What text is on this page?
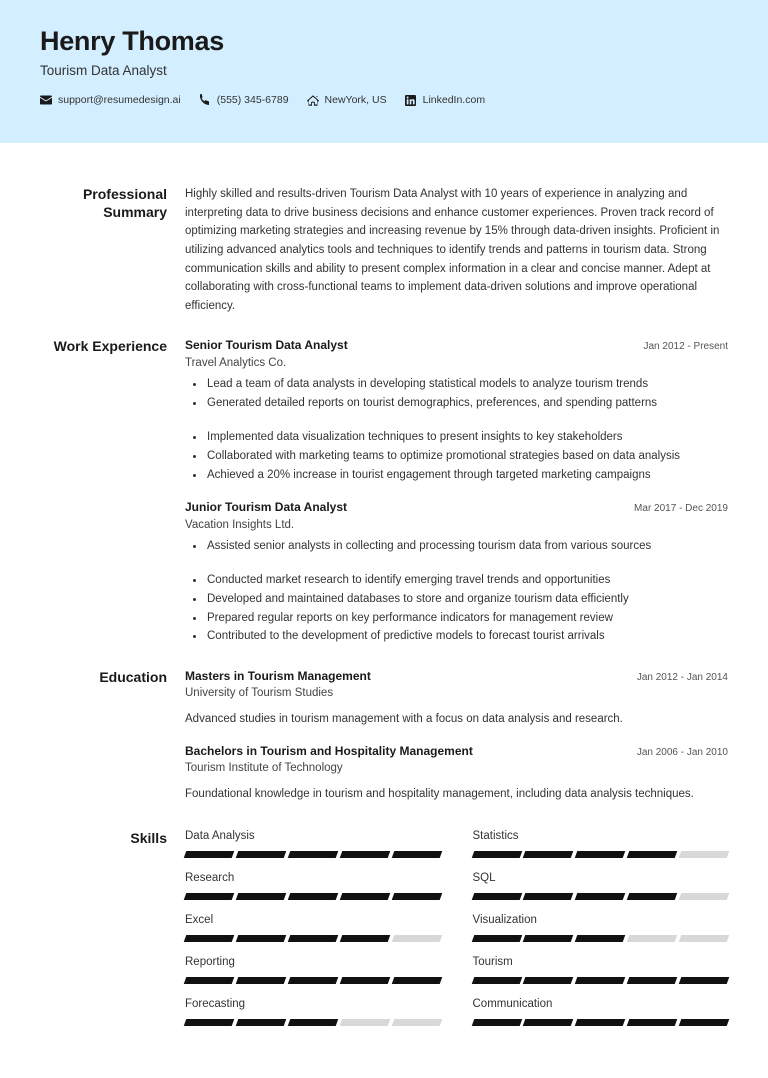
Henry Thomas
Tourism Data Analyst
support@resumedesign.ai	(555) 345-6789	NewYork, US	LinkedIn.com
Professional Summary
Highly skilled and results-driven Tourism Data Analyst with 10 years of experience in analyzing and interpreting data to drive business decisions and enhance customer experiences. Proven track record of optimizing marketing strategies and increasing revenue by 15% through data-driven insights. Proficient in utilizing advanced analytics tools and techniques to identify trends and patterns in tourism data. Strong communication skills and ability to present complex information in a clear and concise manner. Adept at collaborating with cross-functional teams to implement data-driven solutions and improve operational efficiency.
Work Experience	Senior Tourism Data Analyst	Jan 2012 - Present
Travel Analytics Co.
Lead a team of data analysts in developing statistical models to analyze tourism trends
Generated detailed reports on tourist demographics, preferences, and spending patterns
Implemented data visualization techniques to present insights to key stakeholders
Collaborated with marketing teams to optimize promotional strategies based on data analysis
Achieved a 20% increase in tourist engagement through targeted marketing campaigns
Junior Tourism Data Analyst	Mar 2017 - Dec 2019
Vacation Insights Ltd.
Assisted senior analysts in collecting and processing tourism data from various sources
Conducted market research to identify emerging travel trends and opportunities
Developed and maintained databases to store and organize tourism data efficiently
Prepared regular reports on key performance indicators for management review
Contributed to the development of predictive models to forecast tourist arrivals
Education	Masters in Tourism Management	Jan 2012 - Jan 2014
University of Tourism Studies
Advanced studies in tourism management with a focus on data analysis and research.
Bachelors in Tourism and Hospitality Management	Jan 2006 - Jan 2010
Tourism Institute of Technology
Foundational knowledge in tourism and hospitality management, including data analysis techniques.
Skills	Data Analysis	Statistics
Research	SQL
Excel	Visualization
Reporting	Tourism
Forecasting	Communication
